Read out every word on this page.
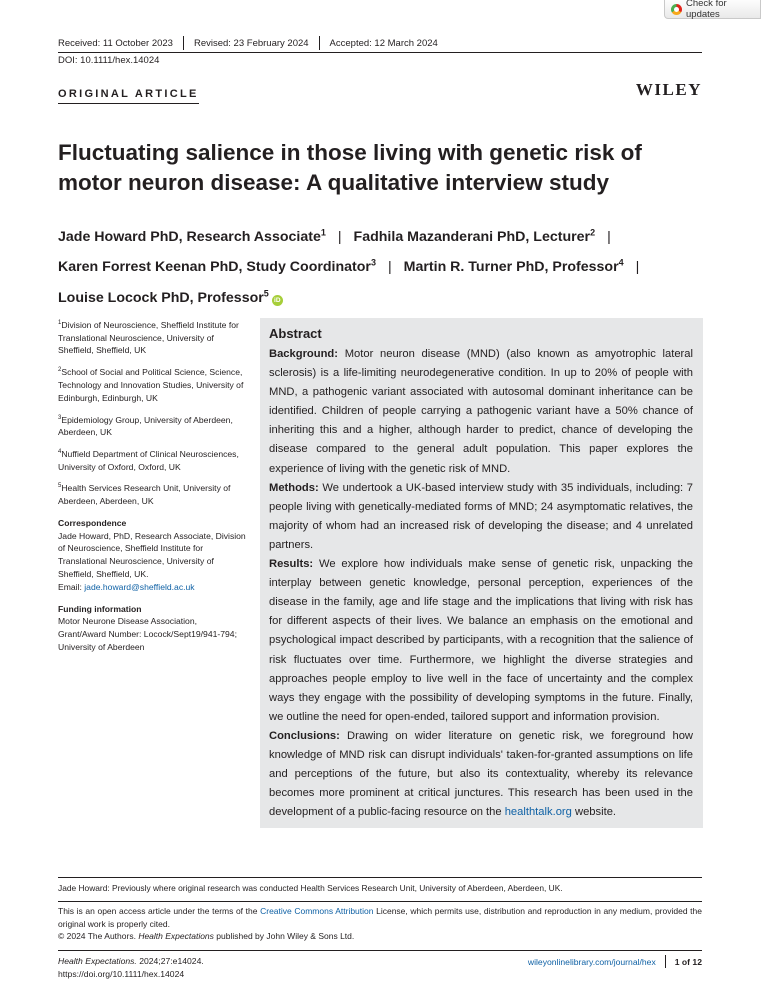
Check for updates
Received: 11 October 2023 Revised: 23 February 2024 Accepted: 12 March 2024
DOI: 10.1111/hex.14024
ORIGINAL ARTICLE	WILEY
Fluctuating salience in those living with genetic risk of motor neuron disease: A qualitative interview study
Jade Howard PhD, Research Associate$^1$ | Fadhila Mazanderani PhD, Lecturer$^2$ |
Karen Forrest Keenan PhD, Study Coordinator$^3$ | Martin R. Turner PhD, Professor$^4$ |
Louise Locock PhD, Professor$^5$iD
$^1$Division of Neuroscience, Sheffield Institute for Translational Neuroscience, University of Sheffield, Sheffield, UK
$^2$School of Social and Political Science, Science, Technology and Innovation Studies, University of Edinburgh, Edinburgh, UK
$^3$Epidemiology Group, University of Aberdeen, Aberdeen, UK
$^4$Nuffield Department of Clinical Neurosciences, University of Oxford, Oxford, UK
$^5$Health Services Research Unit, University of Aberdeen, Aberdeen, UK
Correspondence
Jade Howard, PhD, Research Associate, Division of Neuroscience, Sheffield Institute for Translational Neuroscience, University of Sheffield, Sheffield, UK.
Email: jade.howard@sheffield.ac.uk
Funding information
Motor Neurone Disease Association, Grant/Award Number: Locock/Sept19/941-794; University of Aberdeen
Abstract

Background: Motor neuron disease (MND) (also known as amyotrophic lateral sclerosis) is a life-limiting neurodegenerative condition. In up to 20% of people with MND, a pathogenic variant associated with autosomal dominant inheritance can be identified. Children of people carrying a pathogenic variant have a 50% chance of inheriting this and a higher, although harder to predict, chance of developing the disease compared to the general adult population. This paper explores the experience of living with the genetic risk of MND.

Methods: We undertook a UK-based interview study with 35 individuals, including: 7 people living with genetically-mediated forms of MND; 24 asymptomatic relatives, the majority of whom had an increased risk of developing the disease; and 4 unrelated partners.

Results: We explore how individuals make sense of genetic risk, unpacking the interplay between genetic knowledge, personal perception, experiences of the disease in the family, age and life stage and the implications that living with risk has for different aspects of their lives. We balance an emphasis on the emotional and psychological impact described by participants, with a recognition that the salience of risk fluctuates over time. Furthermore, we highlight the diverse strategies and approaches people employ to live well in the face of uncertainty and the complex ways they engage with the possibility of developing symptoms in the future. Finally, we outline the need for open-ended, tailored support and information provision.

Conclusions: Drawing on wider literature on genetic risk, we foreground how knowledge of MND risk can disrupt individuals' taken-for-granted assumptions on life and perceptions of the future, but also its contextuality, whereby its relevance becomes more prominent at critical junctures. This research has been used in the development of a public-facing resource on the healthtalk.org website.

Jade Howard: Previously where original research was conducted Health Services Research Unit, University of Aberdeen, Aberdeen, UK.
This is an open access article under the terms of the Creative Commons Attribution License, which permits use, distribution and reproduction in any medium, provided the original work is properly cited.
© 2024 The Authors. Health Expectations published by John Wiley & Sons Ltd.
Health Expectations. 2024;27:e14024.
https://doi.org/10.1111/hex.14024
wileyonlinelibrary.com/journal/hex 1 of 12
